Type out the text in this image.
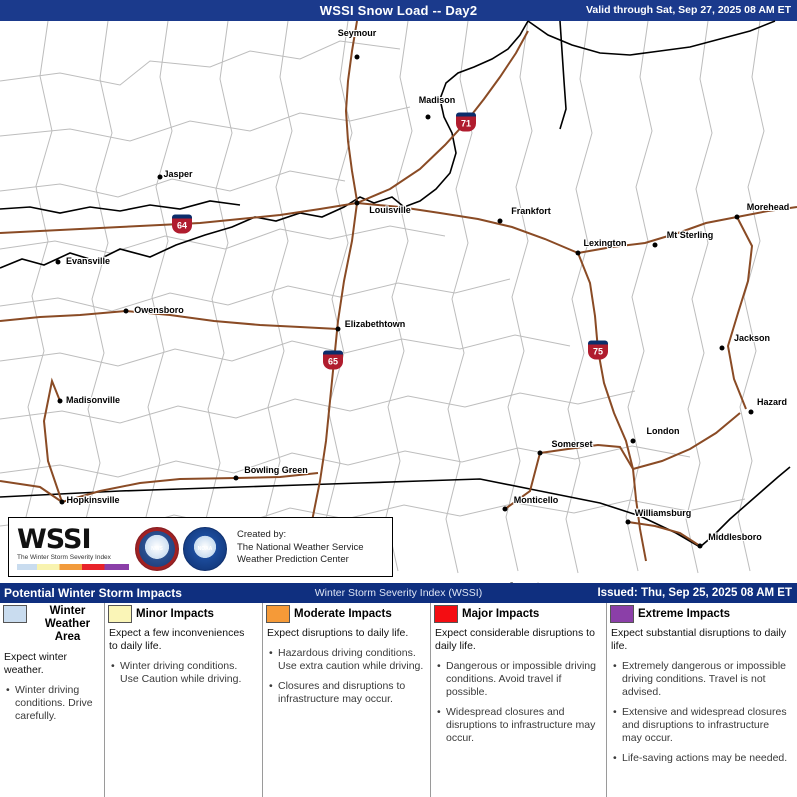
WSSI Snow Load -- Day2	Valid through Sat, Sep 27, 2025 08 AM ET
Seymour
Madison
Jasper
Louisville	Frankfort	Morehead
Mt Sterling
Lexington
Evansville
Owensboro
Elizabethtown
Jackson
Madisonville	Hazard
Somerset
London
Bowling Green
Monticello
Williamsburg
Hopkinsville
Middlesboro
71
64
65
75
WSSI
The Winter Storm Severity Index
NWS	NOAA
Created by:
The National Weather Service
Weather Prediction Center
Winter Storm Severity Index (WSSI)
Potential Winter Storm Impacts	Issued: Thu, Sep 25, 2025 08 AM ET
Winter Weather Area

Expect winter weather.

• Winter driving conditions. Drive carefully.
Minor Impacts

Expect a few inconveniences to daily life.

• Winter driving conditions. Use Caution while driving.
Moderate Impacts

Expect disruptions to daily life.

• Hazardous driving conditions. Use extra caution while driving.
• Closures and disruptions to infrastructure may occur.
Major Impacts

Expect considerable disruptions to daily life.

• Dangerous or impossible driving conditions. Avoid travel if possible.
• Widespread closures and disruptions to infrastructure may occur.
Extreme Impacts

Expect substantial disruptions to daily life.

• Extremely dangerous or impossible driving conditions. Travel is not advised.
• Extensive and widespread closures and disruptions to infrastructure may occur.
• Life-saving actions may be needed.
